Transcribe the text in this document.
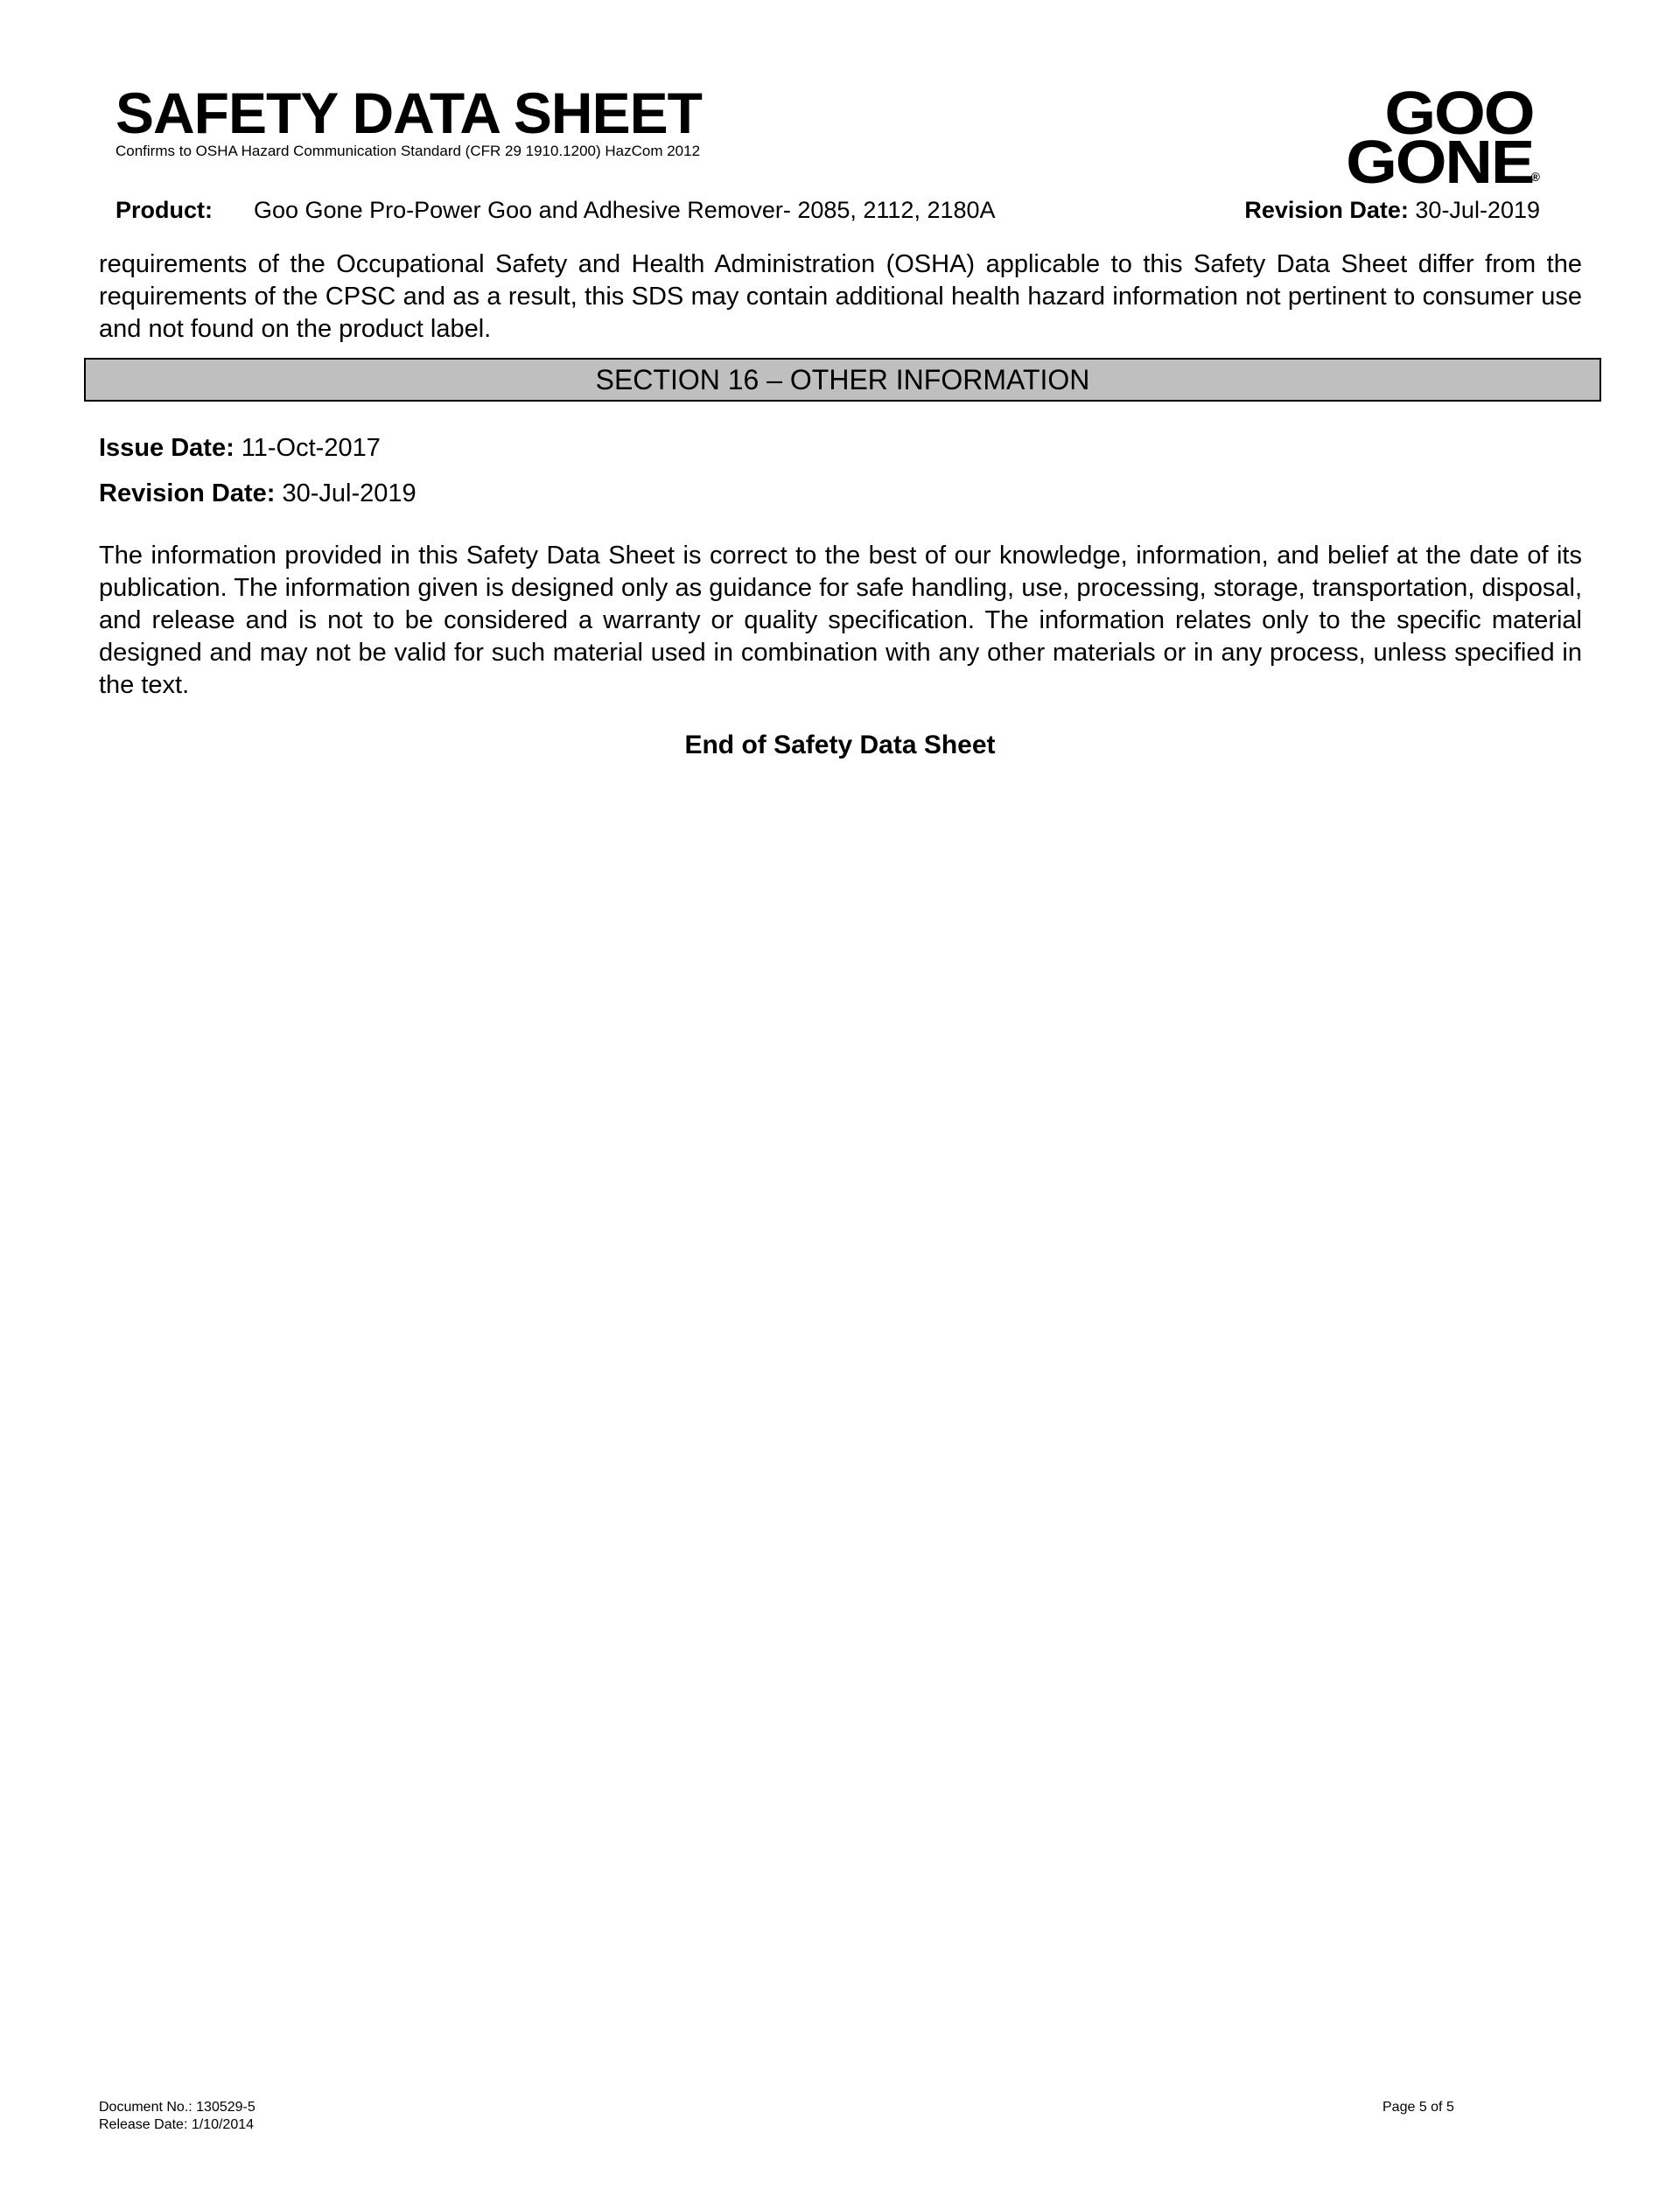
SAFETY DATA SHEET

Confirms to OSHA Hazard Communication Standard (CFR 29 1910.1200) HazCom 2012

GOO
GONE
®
Product: Goo Gone Pro-Power Goo and Adhesive Remover- 2085, 2112, 2180A	Revision Date: 30-Jul-2019

requirements of the Occupational Safety and Health Administration (OSHA) applicable to this Safety Data Sheet differ from the requirements of the CPSC and as a result, this SDS may contain additional health hazard information not pertinent to consumer use and not found on the product label.

SECTION 16 – OTHER INFORMATION
Issue Date: 11-Oct-2017
Revision Date: 30-Jul-2019

The information provided in this Safety Data Sheet is correct to the best of our knowledge, information, and belief at the date of its publication. The information given is designed only as guidance for safe handling, use, processing, storage, transportation, disposal, and release and is not to be considered a warranty or quality specification. The information relates only to the specific material designed and may not be valid for such material used in combination with any other materials or in any process, unless specified in the text.

End of Safety Data Sheet

Document No.: 130529-5
Release Date: 1/10/2014
Page 5 of 5
